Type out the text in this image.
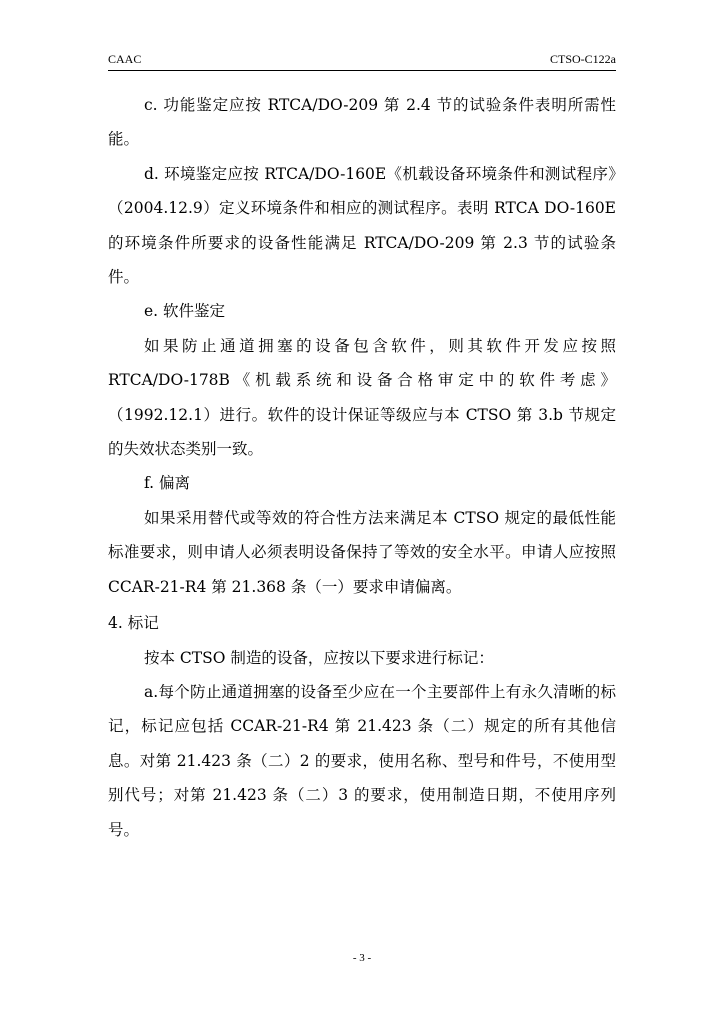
CAAC	CTSO-C122a

c. 功能鉴定应按 RTCA/DO-209 第 2.4 节的试验条件表明所需性能。

d. 环境鉴定应按 RTCA/DO-160E《机载设备环境条件和测试程序》（2004.12.9）定义环境条件和相应的测试程序。表明 RTCA DO-160E 的环境条件所要求的设备性能满足 RTCA/DO-209 第 2.3 节的试验条件。

e. 软件鉴定

如果防止通道拥塞的设备包含软件，则其软件开发应按照 RTCA/DO-178B《机载系统和设备合格审定中的软件考虑》（1992.12.1）进行。软件的设计保证等级应与本 CTSO 第 3.b 节规定的失效状态类别一致。

f. 偏离

如果采用替代或等效的符合性方法来满足本 CTSO 规定的最低性能标准要求，则申请人必须表明设备保持了等效的安全水平。申请人应按照 CCAR-21-R4 第 21.368 条（一）要求申请偏离。

4. 标记

按本 CTSO 制造的设备，应按以下要求进行标记：

a.每个防止通道拥塞的设备至少应在一个主要部件上有永久清晰的标记，标记应包括 CCAR-21-R4 第 21.423 条（二）规定的所有其他信息。对第 21.423 条（二）2 的要求，使用名称、型号和件号，不使用型别代号；对第 21.423 条（二）3 的要求，使用制造日期，不使用序列号。

- 3 -
